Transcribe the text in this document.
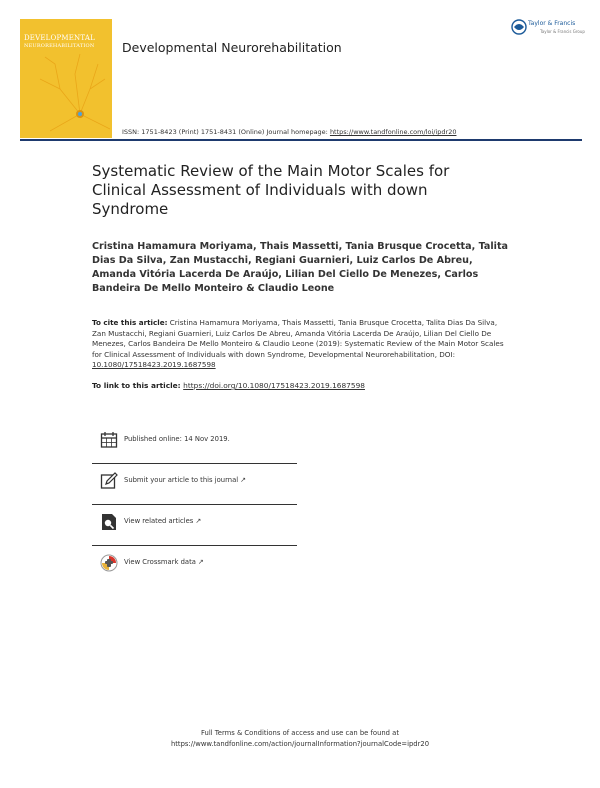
DEVELOPMENTAL
NEUROREHABILITATION	Developmental Neurorehabilitation
Taylor & Francis
Taylor & Francis Group
ISSN: 1751-8423 (Print) 1751-8431 (Online) Journal homepage: https://www.tandfonline.com/loi/ipdr20
Systematic Review of the Main Motor Scales for Clinical Assessment of Individuals with down Syndrome
Cristina Hamamura Moriyama, Thais Massetti, Tania Brusque Crocetta, Talita Dias Da Silva, Zan Mustacchi, Regiani Guarnieri, Luiz Carlos De Abreu, Amanda Vitória Lacerda De Araújo, Lilian Del Ciello De Menezes, Carlos Bandeira De Mello Monteiro & Claudio Leone
To cite this article: Cristina Hamamura Moriyama, Thais Massetti, Tania Brusque Crocetta, Talita Dias Da Silva, Zan Mustacchi, Regiani Guarnieri, Luiz Carlos De Abreu, Amanda Vitória Lacerda De Araújo, Lilian Del Ciello De Menezes, Carlos Bandeira De Mello Monteiro & Claudio Leone (2019): Systematic Review of the Main Motor Scales for Clinical Assessment of Individuals with down Syndrome, Developmental Neurorehabilitation, DOI: 10.1080/17518423.2019.1687598
To link to this article: https://doi.org/10.1080/17518423.2019.1687598
Published online: 14 Nov 2019.
Submit your article to this journal ↗
View related articles ↗
View Crossmark data ↗
Full Terms & Conditions of access and use can be found at
https://www.tandfonline.com/action/journalInformation?journalCode=ipdr20
